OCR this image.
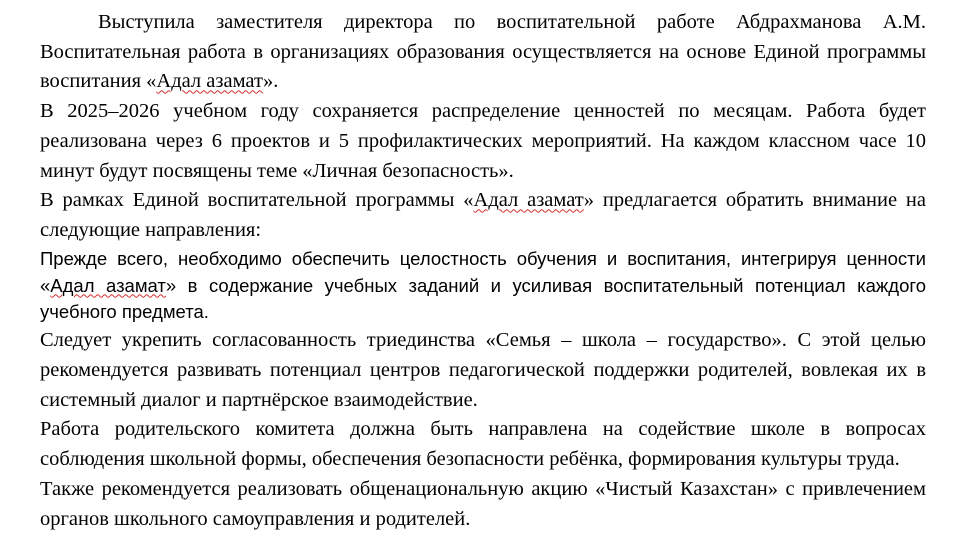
Выступила заместителя директора по воспитательной работе Абдрахманова А.М. Воспитательная работа в организациях образования осуществляется на основе Единой программы воспитания «Адал азамат».

В 2025–2026 учебном году сохраняется распределение ценностей по месяцам. Работа будет реализована через 6 проектов и 5 профилактических мероприятий. На каждом классном часе 10 минут будут посвящены теме «Личная безопасность».

В рамках Единой воспитательной программы «Адал азамат» предлагается обратить внимание на следующие направления:

Прежде всего, необходимо обеспечить целостность обучения и воспитания, интегрируя ценности «Адал азамат» в содержание учебных заданий и усиливая воспитательный потенциал каждого учебного предмета.

Следует укрепить согласованность триединства «Семья – школа – государство». С этой целью рекомендуется развивать потенциал центров педагогической поддержки родителей, вовлекая их в системный диалог и партнёрское взаимодействие.

Работа родительского комитета должна быть направлена на содействие школе в вопросах соблюдения школьной формы, обеспечения безопасности ребёнка, формирования культуры труда.

Также рекомендуется реализовать общенациональную акцию «Чистый Казахстан» с привлечением органов школьного самоуправления и родителей.
